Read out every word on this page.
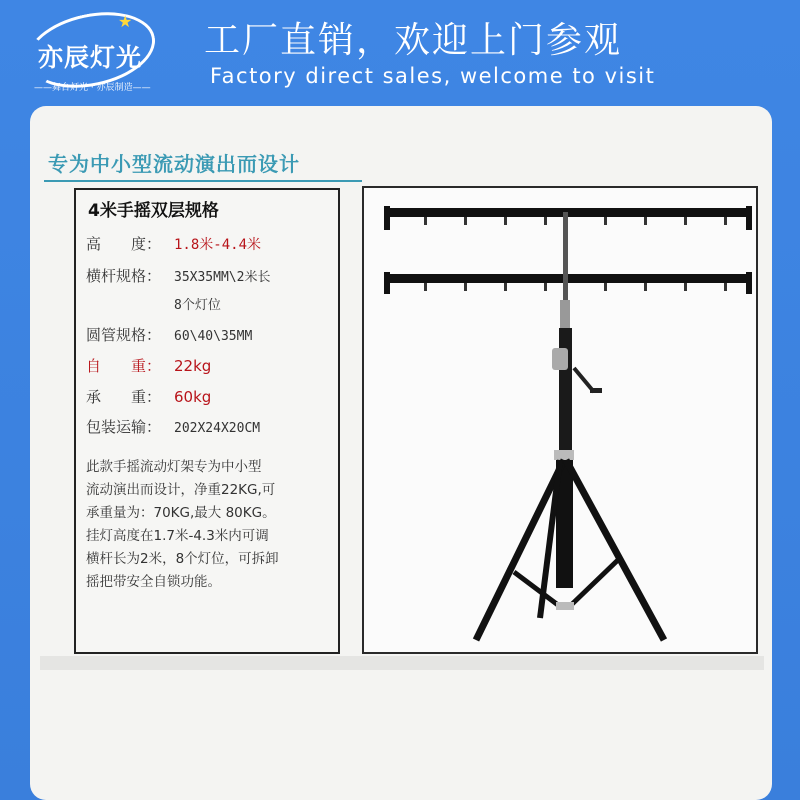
★
亦辰灯光
——舞台灯光 · 亦辰制造——
工厂直销，欢迎上门参观
Factory direct sales, welcome to visit
专为中小型流动演出而设计
4米手摇双层规格
高　　度： 1.8米-4.4米
横杆规格： 35X35MM\2米长
8个灯位
圆管规格： 60\40\35MM
自　　重： 22kg
承　　重： 60kg
包装运输： 202X24X20CM
此款手摇流动灯架专为中小型
流动演出而设计，净重22KG,可
承重量为：70KG,最大 80KG。
挂灯高度在1.7米-4.3米内可调
横杆长为2米，8个灯位，可拆卸
摇把带安全自锁功能。
